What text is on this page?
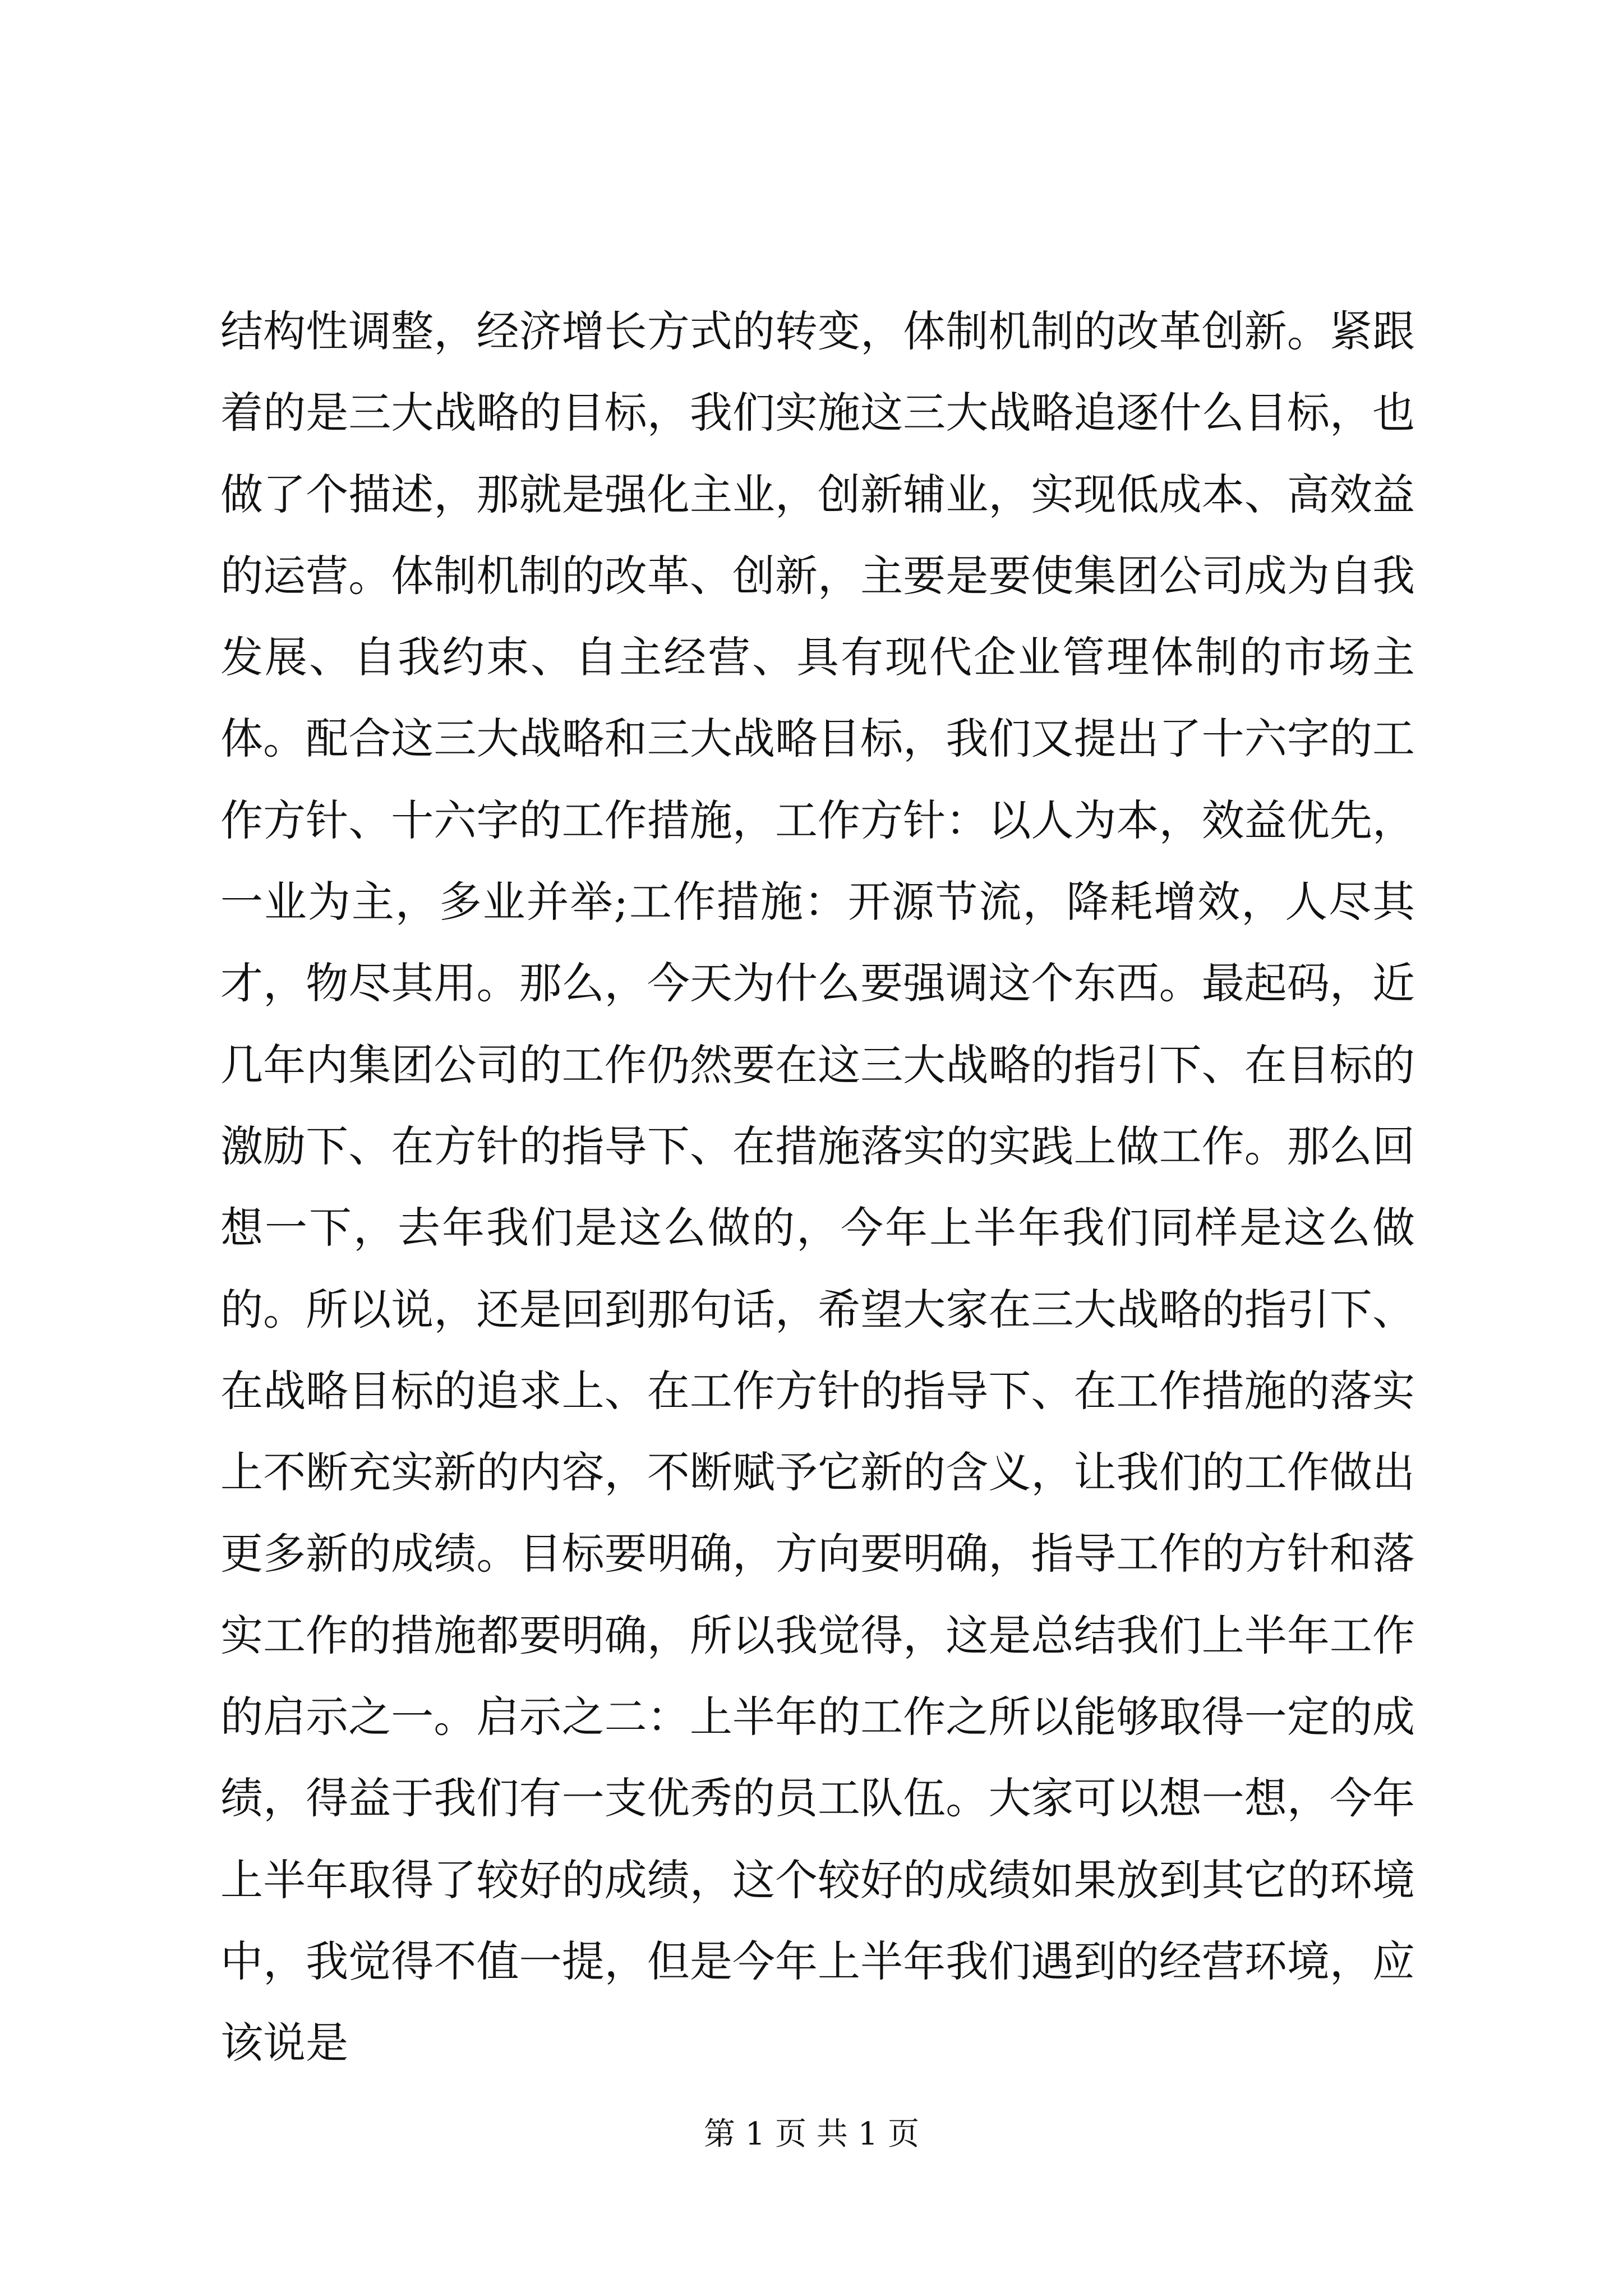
结构性调整，经济增长方式的转变，体制机制的改革创新。紧跟着的是三大战略的目标，我们实施这三大战略追逐什么目标，也做了个描述，那就是强化主业，创新辅业，实现低成本、高效益的运营。体制机制的改革、创新，主要是要使集团公司成为自我发展、自我约束、自主经营、具有现代企业管理体制的市场主体。配合这三大战略和三大战略目标，我们又提出了十六字的工作方针、十六字的工作措施，工作方针：以人为本，效益优先，一业为主，多业并举;工作措施：开源节流，降耗增效，人尽其才，物尽其用。那么，今天为什么要强调这个东西。最起码，近几年内集团公司的工作仍然要在这三大战略的指引下、在目标的激励下、在方针的指导下、在措施落实的实践上做工作。那么回想一下，去年我们是这么做的，今年上半年我们同样是这么做的。所以说，还是回到那句话，希望大家在三大战略的指引下、在战略目标的追求上、在工作方针的指导下、在工作措施的落实上不断充实新的内容，不断赋予它新的含义，让我们的工作做出更多新的成绩。目标要明确，方向要明确，指导工作的方针和落实工作的措施都要明确，所以我觉得，这是总结我们上半年工作的启示之一。启示之二：上半年的工作之所以能够取得一定的成绩，得益于我们有一支优秀的员工队伍。大家可以想一想，今年上半年取得了较好的成绩，这个较好的成绩如果放到其它的环境中，我觉得不值一提，但是今年上半年我们遇到的经营环境，应该说是

第 1 页 共 1 页
